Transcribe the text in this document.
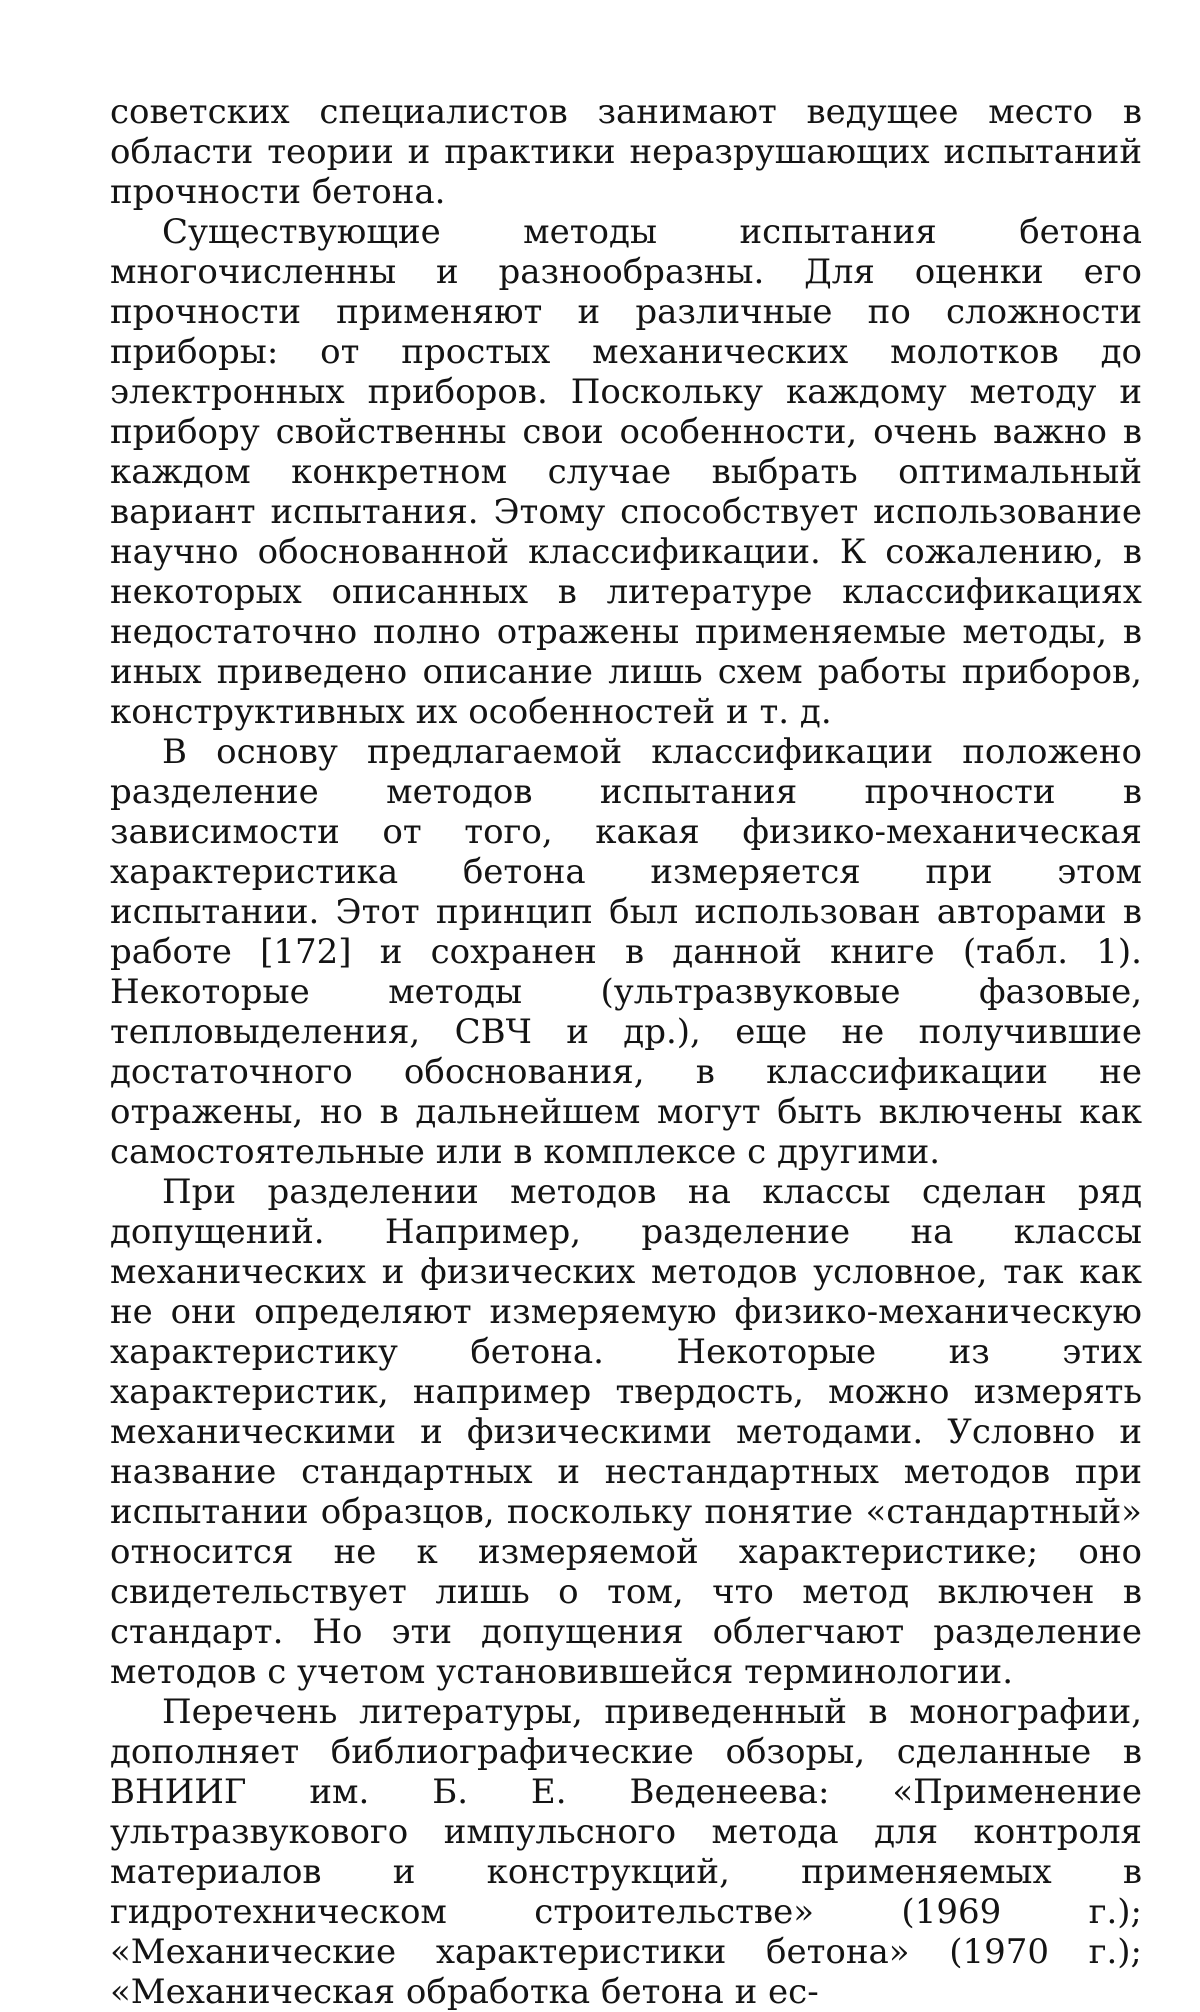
советских специалистов занимают ведущее место в области теории и практики неразрушающих испытаний прочности бетона.

Существующие методы испытания бетона многочисленны и разнообразны. Для оценки его прочности применяют и различные по сложности приборы: от простых механических молотков до электронных приборов. Поскольку каждому методу и прибору свойственны свои особенности, очень важно в каждом конкретном случае выбрать оптимальный вариант испытания. Этому способствует использование научно обоснованной классификации. К сожалению, в некоторых описанных в литературе классификациях недостаточно полно отражены применяемые методы, в иных приведено описание лишь схем работы приборов, конструктивных их особенностей и т. д.

В основу предлагаемой классификации положено разделение методов испытания прочности в зависимости от того, какая физико-механическая характеристика бетона измеряется при этом испытании. Этот принцип был использован авторами в работе [172] и сохранен в данной книге (табл. 1). Некоторые методы (ультразвуковые фазовые, тепловыделения, СВЧ и др.), еще не получившие достаточного обоснования, в классификации не отражены, но в дальнейшем могут быть включены как самостоятельные или в комплексе с другими.

При разделении методов на классы сделан ряд допущений. Например, разделение на классы механических и физических методов условное, так как не они определяют измеряемую физико-механическую характеристику бетона. Некоторые из этих характеристик, например твердость, можно измерять механическими и физическими методами. Условно и название стандартных и нестандартных методов при испытании образцов, поскольку понятие «стандартный» относится не к измеряемой характеристике; оно свидетельствует лишь о том, что метод включен в стандарт. Но эти допущения облегчают разделение методов с учетом установившейся терминологии.

Перечень литературы, приведенный в монографии, дополняет библиографические обзоры, сделанные в ВНИИГ им. Б. Е. Веденеева: «Применение ультразвукового импульсного метода для контроля материалов и конструкций, применяемых в гидротехническом строительстве» (1969 г.); «Механические характеристики бетона» (1970 г.); «Механическая обработка бетона и ес-
